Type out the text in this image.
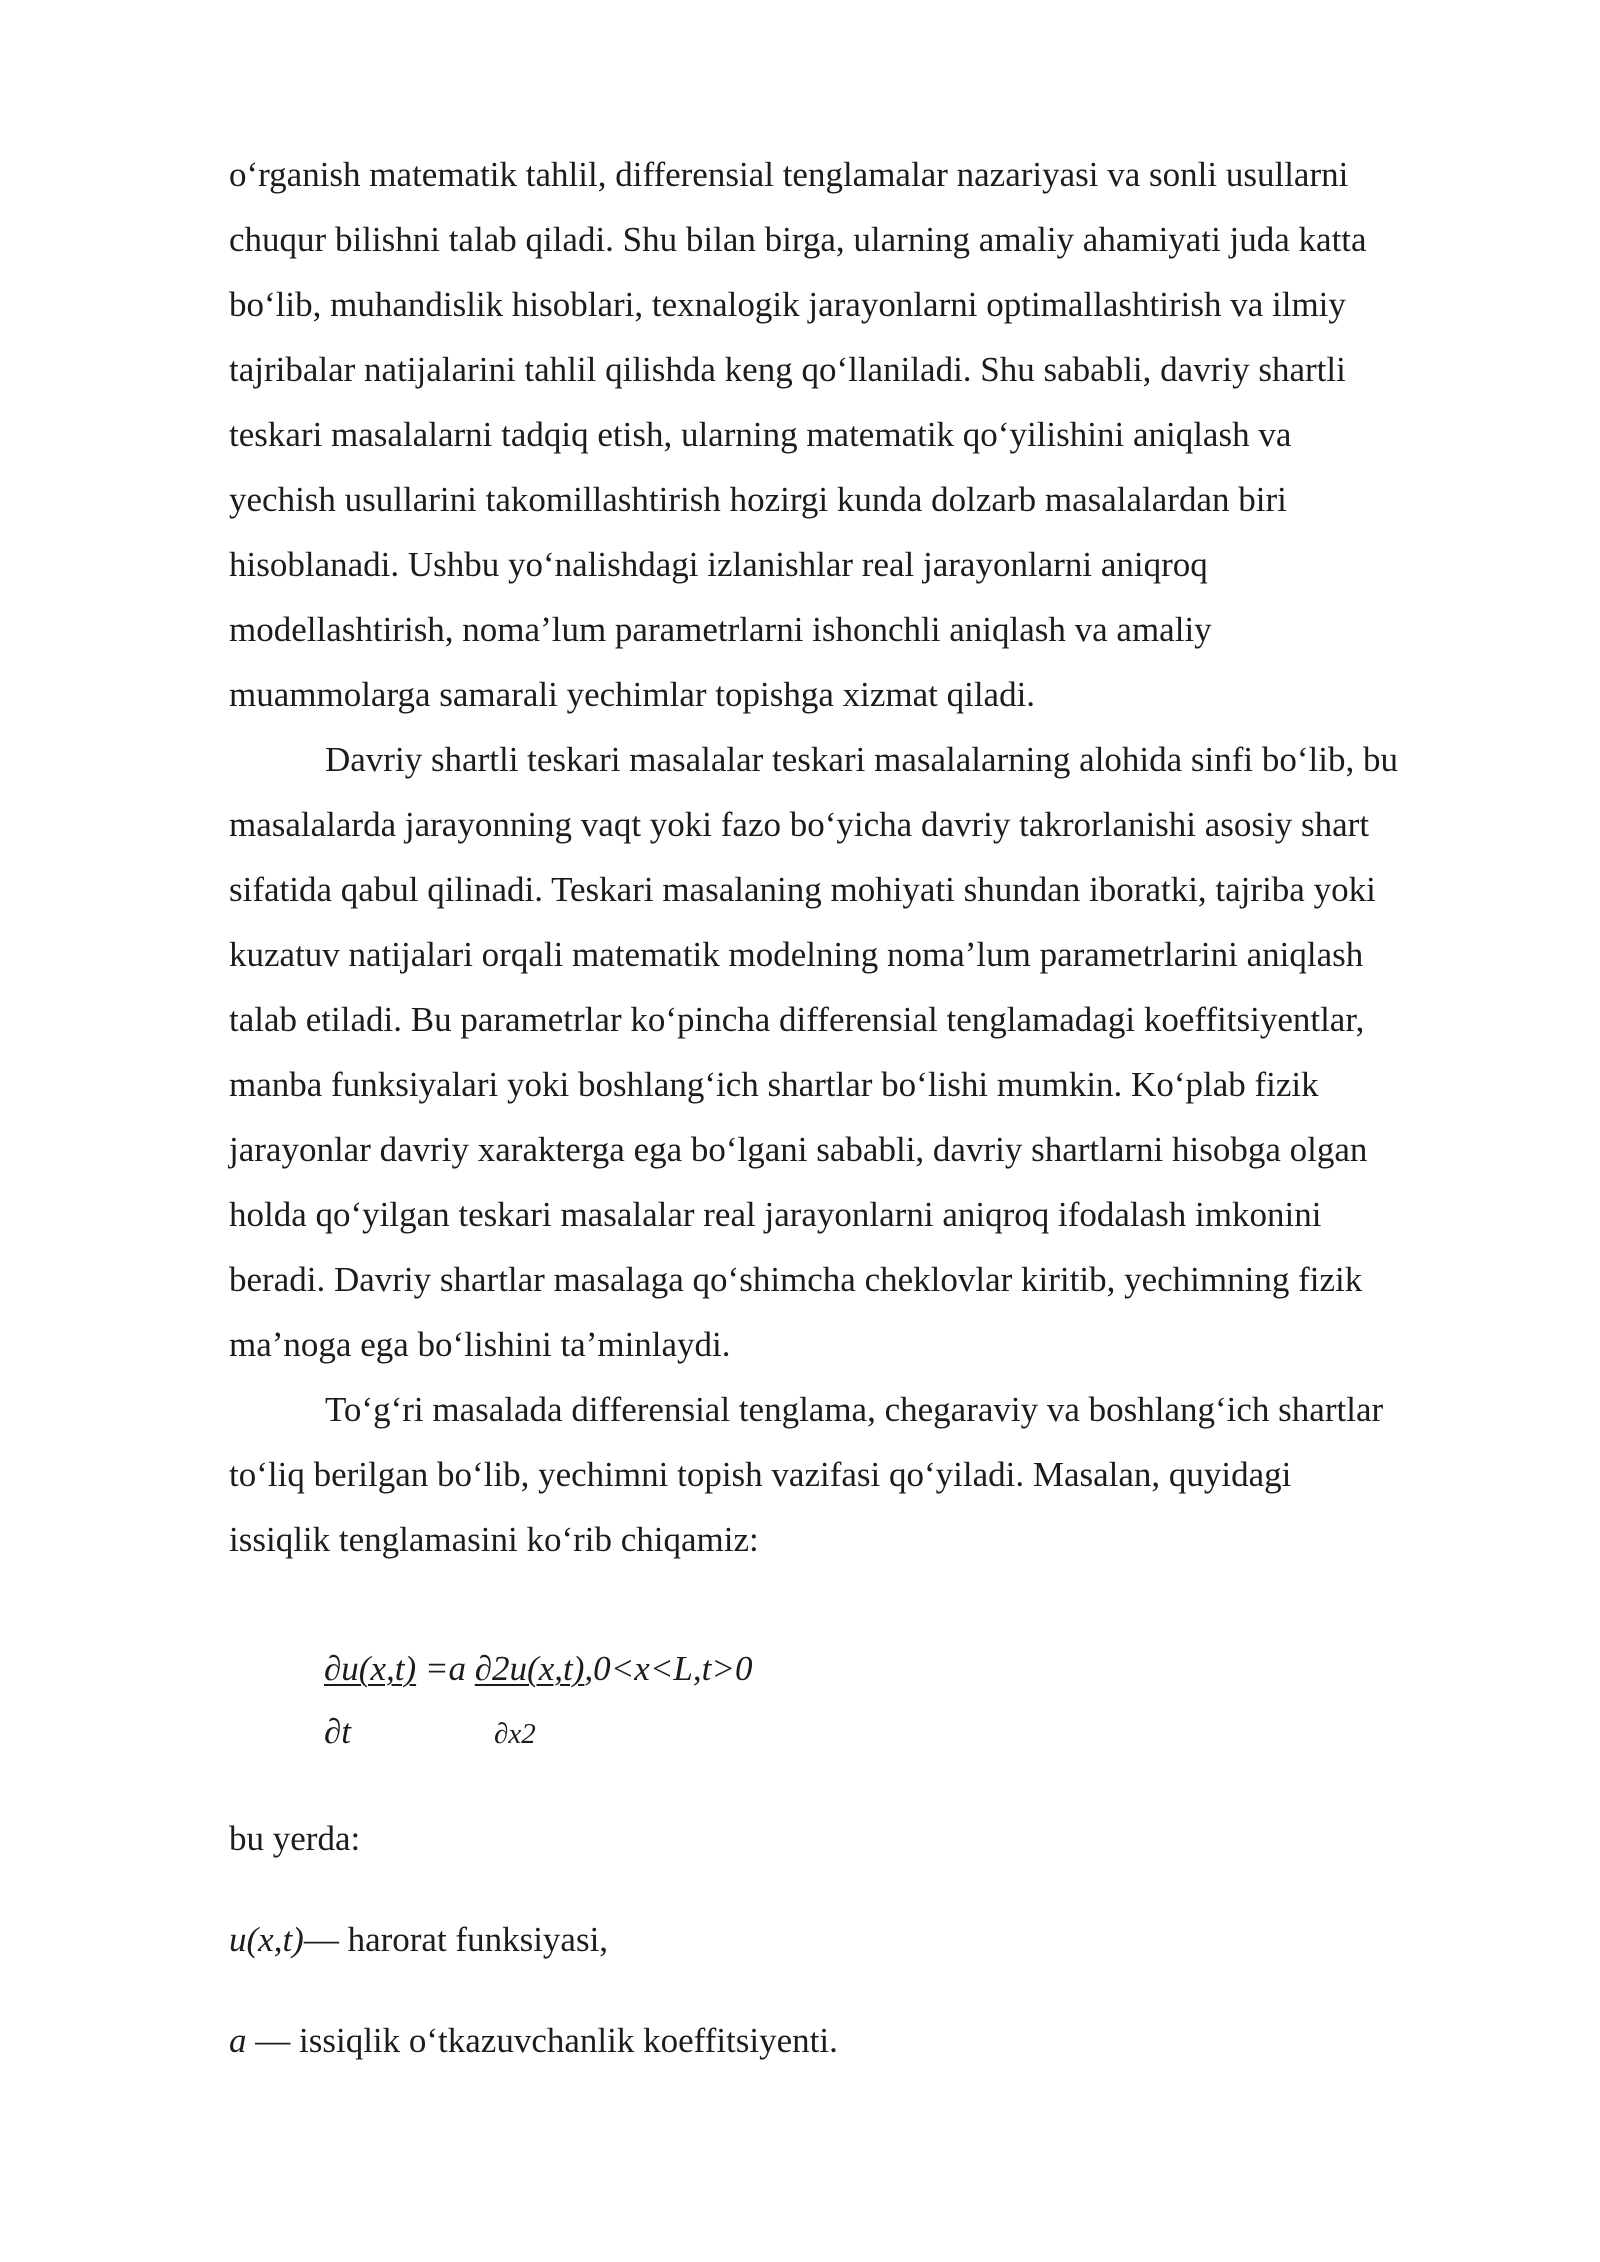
oʻrganish matematik tahlil, differensial tenglamalar nazariyasi va sonli usullarni
chuqur bilishni talab qiladi. Shu bilan birga, ularning amaliy ahamiyati juda katta
boʻlib, muhandislik hisoblari, texnalogik jarayonlarni optimallashtirish va ilmiy
tajribalar natijalarini tahlil qilishda keng qoʻllaniladi. Shu sababli, davriy shartli
teskari masalalarni tadqiq etish, ularning matematik qoʻyilishini aniqlash va
yechish usullarini takomillashtirish hozirgi kunda dolzarb masalalardan biri
hisoblanadi. Ushbu yoʻnalishdagi izlanishlar real jarayonlarni aniqroq
modellashtirish, nomaʼlum parametrlarni ishonchli aniqlash va amaliy
muammolarga samarali yechimlar topishga xizmat qiladi.
Davriy shartli teskari masalalar teskari masalalarning alohida sinfi boʻlib, bu
masalalarda jarayonning vaqt yoki fazo boʻyicha davriy takrorlanishi asosiy shart
sifatida qabul qilinadi. Teskari masalaning mohiyati shundan iboratki, tajriba yoki
kuzatuv natijalari orqali matematik modelning nomaʼlum parametrlarini aniqlash
talab etiladi. Bu parametrlar koʻpincha differensial tenglamadagi koeffitsiyentlar,
manba funksiyalari yoki boshlangʻich shartlar boʻlishi mumkin. Koʻplab fizik
jarayonlar davriy xarakterga ega boʻlgani sababli, davriy shartlarni hisobga olgan
holda qoʻyilgan teskari masalalar real jarayonlarni aniqroq ifodalash imkonini
beradi. Davriy shartlar masalaga qoʻshimcha cheklovlar kiritib, yechimning fizik
maʼnoga ega boʻlishini taʼminlaydi.
Toʻgʻri masalada differensial tenglama, chegaraviy va boshlangʻich shartlar
toʻliq berilgan boʻlib, yechimni topish vazifasi qoʻyiladi. Masalan, quyidagi
issiqlik tenglamasini koʻrib chiqamiz:
∂u(x,t) =a ∂2u(x,t),0<x<L,t>0
∂t	∂x2
bu yerda:
u(x,t)— harorat funksiyasi,
a — issiqlik oʻtkazuvchanlik koeffitsiyenti.
